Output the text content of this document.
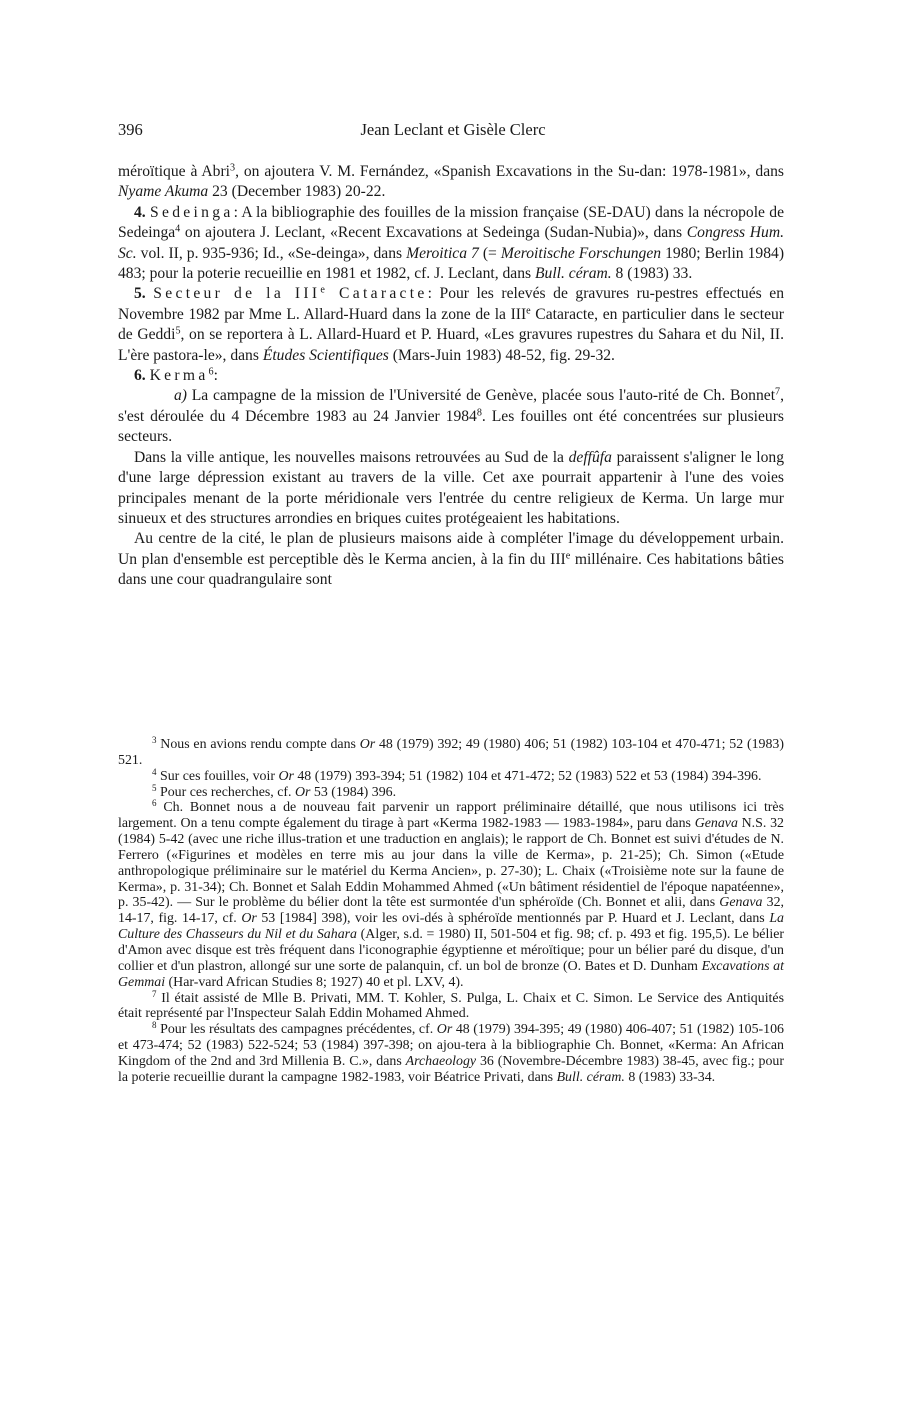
396	Jean Leclant et Gisèle Clerc

méroïtique à Abri$^3$, on ajoutera V. M. Fernández, «Spanish Excavations in the Su-dan: 1978-1981», dans Nyame Akuma 23 (December 1983) 20-22.

4. Sedeinga: A la bibliographie des fouilles de la mission française (SE-DAU) dans la nécropole de Sedeinga$^4$ on ajoutera J. Leclant, «Recent Excavations at Sedeinga (Sudan-Nubia)», dans Congress Hum. Sc. vol. II, p. 935-936; Id., «Se-deinga», dans Meroitica 7 (= Meroitische Forschungen 1980; Berlin 1984) 483; pour la poterie recueillie en 1981 et 1982, cf. J. Leclant, dans Bull. céram. 8 (1983) 33.

5. Secteur de la IIIe Cataracte: Pour les relevés de gravures ru-pestres effectués en Novembre 1982 par Mme L. Allard-Huard dans la zone de la IIIe Cataracte, en particulier dans le secteur de Geddi$^5$, on se reportera à L. Allard-Huard et P. Huard, «Les gravures rupestres du Sahara et du Nil, II. L'ère pastora-le», dans Études Scientifiques (Mars-Juin 1983) 48-52, fig. 29-32.

6. Kerma$^6$:

a) La campagne de la mission de l'Université de Genève, placée sous l'auto-rité de Ch. Bonnet$^7$, s'est déroulée du 4 Décembre 1983 au 24 Janvier 1984$^8$. Les fouilles ont été concentrées sur plusieurs secteurs.

Dans la ville antique, les nouvelles maisons retrouvées au Sud de la deffûfa paraissent s'aligner le long d'une large dépression existant au travers de la ville. Cet axe pourrait appartenir à l'une des voies principales menant de la porte méridionale vers l'entrée du centre religieux de Kerma. Un large mur sinueux et des structures arrondies en briques cuites protégeaient les habitations.

Au centre de la cité, le plan de plusieurs maisons aide à compléter l'image du développement urbain. Un plan d'ensemble est perceptible dès le Kerma ancien, à la fin du IIIe millénaire. Ces habitations bâties dans une cour quadrangulaire sont

$^3$ Nous en avions rendu compte dans Or 48 (1979) 392; 49 (1980) 406; 51 (1982) 103-104 et 470-471; 52 (1983) 521.

$^4$ Sur ces fouilles, voir Or 48 (1979) 393-394; 51 (1982) 104 et 471-472; 52 (1983) 522 et 53 (1984) 394-396.

$^5$ Pour ces recherches, cf. Or 53 (1984) 396.

$^6$ Ch. Bonnet nous a de nouveau fait parvenir un rapport préliminaire détaillé, que nous utilisons ici très largement. On a tenu compte également du tirage à part «Kerma 1982-1983 — 1983-1984», paru dans Genava N.S. 32 (1984) 5-42 (avec une riche illus-tration et une traduction en anglais); le rapport de Ch. Bonnet est suivi d'études de N. Ferrero («Figurines et modèles en terre mis au jour dans la ville de Kerma», p. 21-25); Ch. Simon («Etude anthropologique préliminaire sur le matériel du Kerma Ancien», p. 27-30); L. Chaix («Troisième note sur la faune de Kerma», p. 31-34); Ch. Bonnet et Salah Eddin Mohammed Ahmed («Un bâtiment résidentiel de l'époque napatéenne», p. 35-42). — Sur le problème du bélier dont la tête est surmontée d'un sphéroïde (Ch. Bonnet et alii, dans Genava 32, 14-17, fig. 14-17, cf. Or 53 [1984] 398), voir les ovi-dés à sphéroïde mentionnés par P. Huard et J. Leclant, dans La Culture des Chasseurs du Nil et du Sahara (Alger, s.d. = 1980) II, 501-504 et fig. 98; cf. p. 493 et fig. 195,5). Le bélier d'Amon avec disque est très fréquent dans l'iconographie égyptienne et méroïtique; pour un bélier paré du disque, d'un collier et d'un plastron, allongé sur une sorte de palanquin, cf. un bol de bronze (O. Bates et D. Dunham Excavations at Gemmai (Har-vard African Studies 8; 1927) 40 et pl. LXV, 4).

$^7$ Il était assisté de Mlle B. Privati, MM. T. Kohler, S. Pulga, L. Chaix et C. Simon. Le Service des Antiquités était représenté par l'Inspecteur Salah Eddin Mohamed Ahmed.

$^8$ Pour les résultats des campagnes précédentes, cf. Or 48 (1979) 394-395; 49 (1980) 406-407; 51 (1982) 105-106 et 473-474; 52 (1983) 522-524; 53 (1984) 397-398; on ajou-tera à la bibliographie Ch. Bonnet, «Kerma: An African Kingdom of the 2nd and 3rd Millenia B. C.», dans Archaeology 36 (Novembre-Décembre 1983) 38-45, avec fig.; pour la poterie recueillie durant la campagne 1982-1983, voir Béatrice Privati, dans Bull. céram. 8 (1983) 33-34.
